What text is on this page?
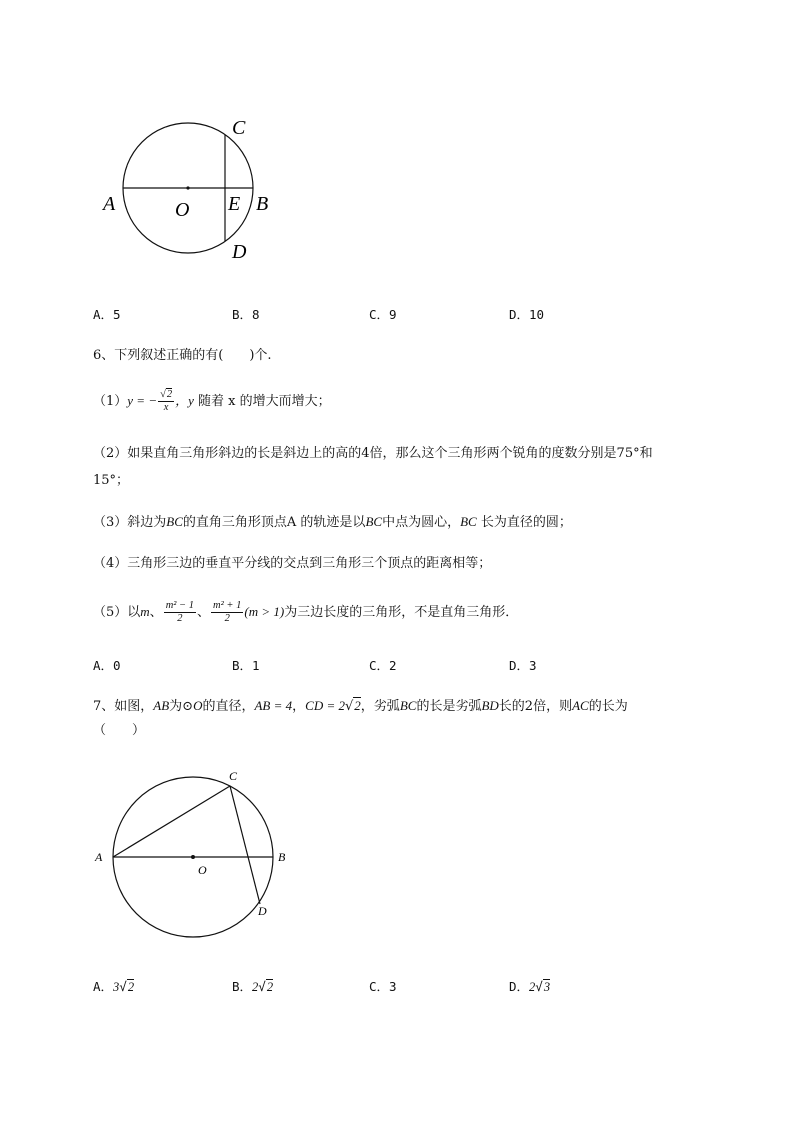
C
A	O E B
D
A．5	B．8	C．9	D．10
6、下列叙述正确的有(　　)个.
（1）y = − $\frac{√2}{x}$ ，y 随着 x 的增大而增大；
（2）如果直角三角形斜边的长是斜边上的高的4倍，那么这个三角形两个锐角的度数分别是75°和
15°；
（3）斜边为BC的直角三角形顶点A 的轨迹是以BC中点为圆心，BC 长为直径的圆；
（4）三角形三边的垂直平分线的交点到三角形三个顶点的距离相等；
（5）以m、 $\frac{\text{m² − 1}}{2}$ 、 $\frac{\text{m² + 1}}{2} (m > 1)$为三边长度的三角形，不是直角三角形．
A．0	B．1	C．2	D．3
7、如图，AB为⊙O的直径，AB = 4，CD = 2√2，劣弧BC的长是劣弧BD长的2倍，则AC的长为
（　　）
A	B
C
O
D
A．3√2	B．2√2	C．3	D．2√3
